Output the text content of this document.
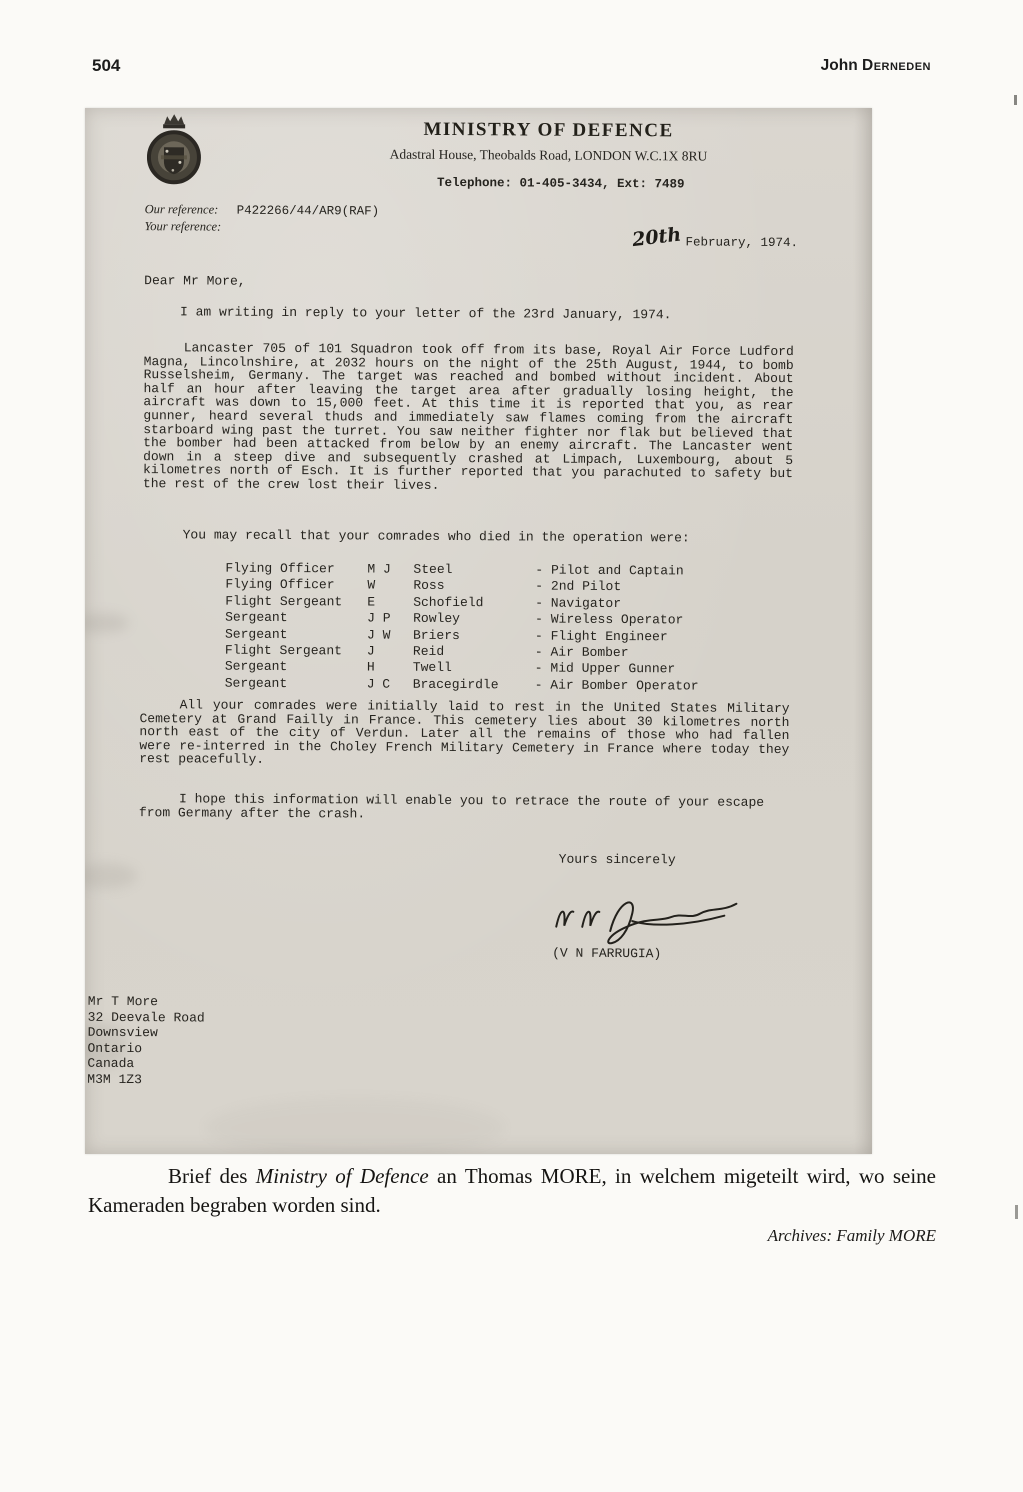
504	John Derneden
MINISTRY OF DEFENCE
Adastral House, Theobalds Road, LONDON W.C.1X 8RU
Telephone: 01-405-3434, Ext: 7489
Our reference: P422266/44/AR9(RAF)
Your reference:	20th February, 1974.
Dear Mr More,
I am writing in reply to your letter of the 23rd January, 1974.
Lancaster 705 of 101 Squadron took off from its base, Royal Air Force Ludford Magna, Lincolnshire, at 2032 hours on the night of the 25th August, 1944, to bomb Russelsheim, Germany. The target was reached and bombed without incident. About half an hour after leaving the target area after gradually losing height, the aircraft was down to 15,000 feet. At this time it is reported that you, as rear gunner, heard several thuds and immediately saw flames coming from the aircraft starboard wing past the turret. You saw neither fighter nor flak but believed that the bomber had been attacked from below by an enemy aircraft. The Lancaster went down in a steep dive and subsequently crashed at Limpach, Luxembourg, about 5 kilometres north of Esch. It is further reported that you parachuted to safety but the rest of the crew lost their lives.
You may recall that your comrades who died in the operation were:
Flying Officer	M J	Steel	- Pilot and Captain
Flying Officer	W	Ross	- 2nd Pilot
Flight Sergeant	E	Schofield	- Navigator
Sergeant	J P	Rowley	- Wireless Operator
Sergeant	J W	Briers	- Flight Engineer
Flight Sergeant	J	Reid	- Air Bomber
Sergeant	H	Twell	- Mid Upper Gunner
Sergeant	J C	Bracegirdle	- Air Bomber Operator
All your comrades were initially laid to rest in the United States Military Cemetery at Grand Failly in France. This cemetery lies about 30 kilometres north north east of the city of Verdun. Later all the remains of those who had fallen were re-interred in the Choley French Military Cemetery in France where today they rest peacefully.
I hope this information will enable you to retrace the route of your escape from Germany after the crash.
Yours sincerely
(V N FARRUGIA)
Mr T More
32 Deevale Road
Downsview
Ontario
Canada
M3M 1Z3
Brief des Ministry of Defence an Thomas MORE, in welchem migeteilt wird, wo seine Kameraden begraben worden sind.
Archives: Family MORE
